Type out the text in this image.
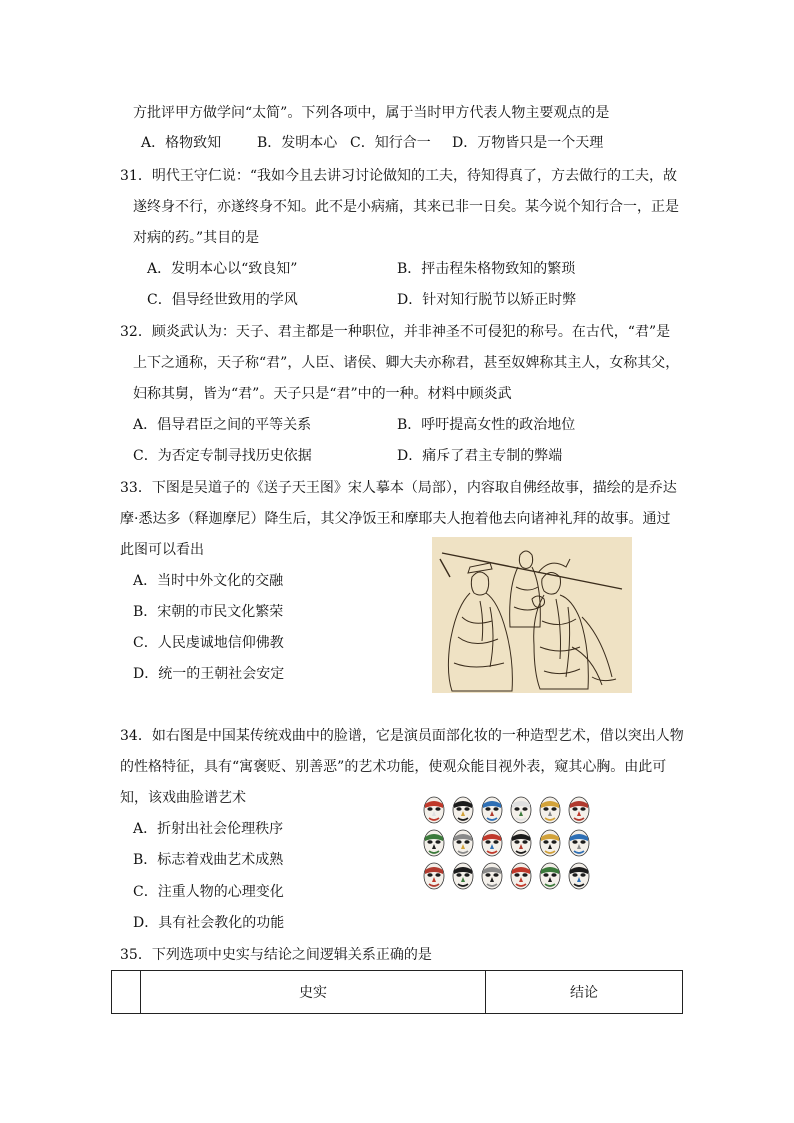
方批评甲方做学问“太简”。下列各项中，属于当时甲方代表人物主要观点的是
A．格物致知	B．发明本心 C．知行合一 D．万物皆只是一个天理
31．明代王守仁说：“我如今且去讲习讨论做知的工夫，待知得真了，方去做行的工夫，故
遂终身不行，亦遂终身不知。此不是小病痛，其来已非一日矣。某今说个知行合一，正是
对病的药。”其目的是
A．发明本心以“致良知”	B．抨击程朱格物致知的繁琐
C．倡导经世致用的学风	D．针对知行脱节以矫正时弊
32．顾炎武认为：天子、君主都是一种职位，并非神圣不可侵犯的称号。在古代，“君”是
上下之通称，天子称“君”，人臣、诸侯、卿大夫亦称君，甚至奴婢称其主人，女称其父，
妇称其舅，皆为“君”。天子只是“君”中的一种。材料中顾炎武
A．倡导君臣之间的平等关系	B．呼吁提高女性的政治地位
C．为否定专制寻找历史依据	D．痛斥了君主专制的弊端
33．下图是吴道子的《送子天王图》宋人摹本（局部），内容取自佛经故事，描绘的是乔达
摩·悉达多（释迦摩尼）降生后，其父净饭王和摩耶夫人抱着他去向诸神礼拜的故事。通过
此图可以看出
A．当时中外文化的交融
B．宋朝的市民文化繁荣
C．人民虔诚地信仰佛教
D．统一的王朝社会安定
34．如右图是中国某传统戏曲中的脸谱，它是演员面部化妆的一种造型艺术，借以突出人物
的性格特征，具有“寓褒贬、别善恶”的艺术功能，使观众能目视外表，窥其心胸。由此可
知，该戏曲脸谱艺术
A．折射出社会伦理秩序
B．标志着戏曲艺术成熟
C．注重人物的心理变化
D．具有社会教化的功能
35．下列选项中史实与结论之间逻辑关系正确的是
	史实	结论
